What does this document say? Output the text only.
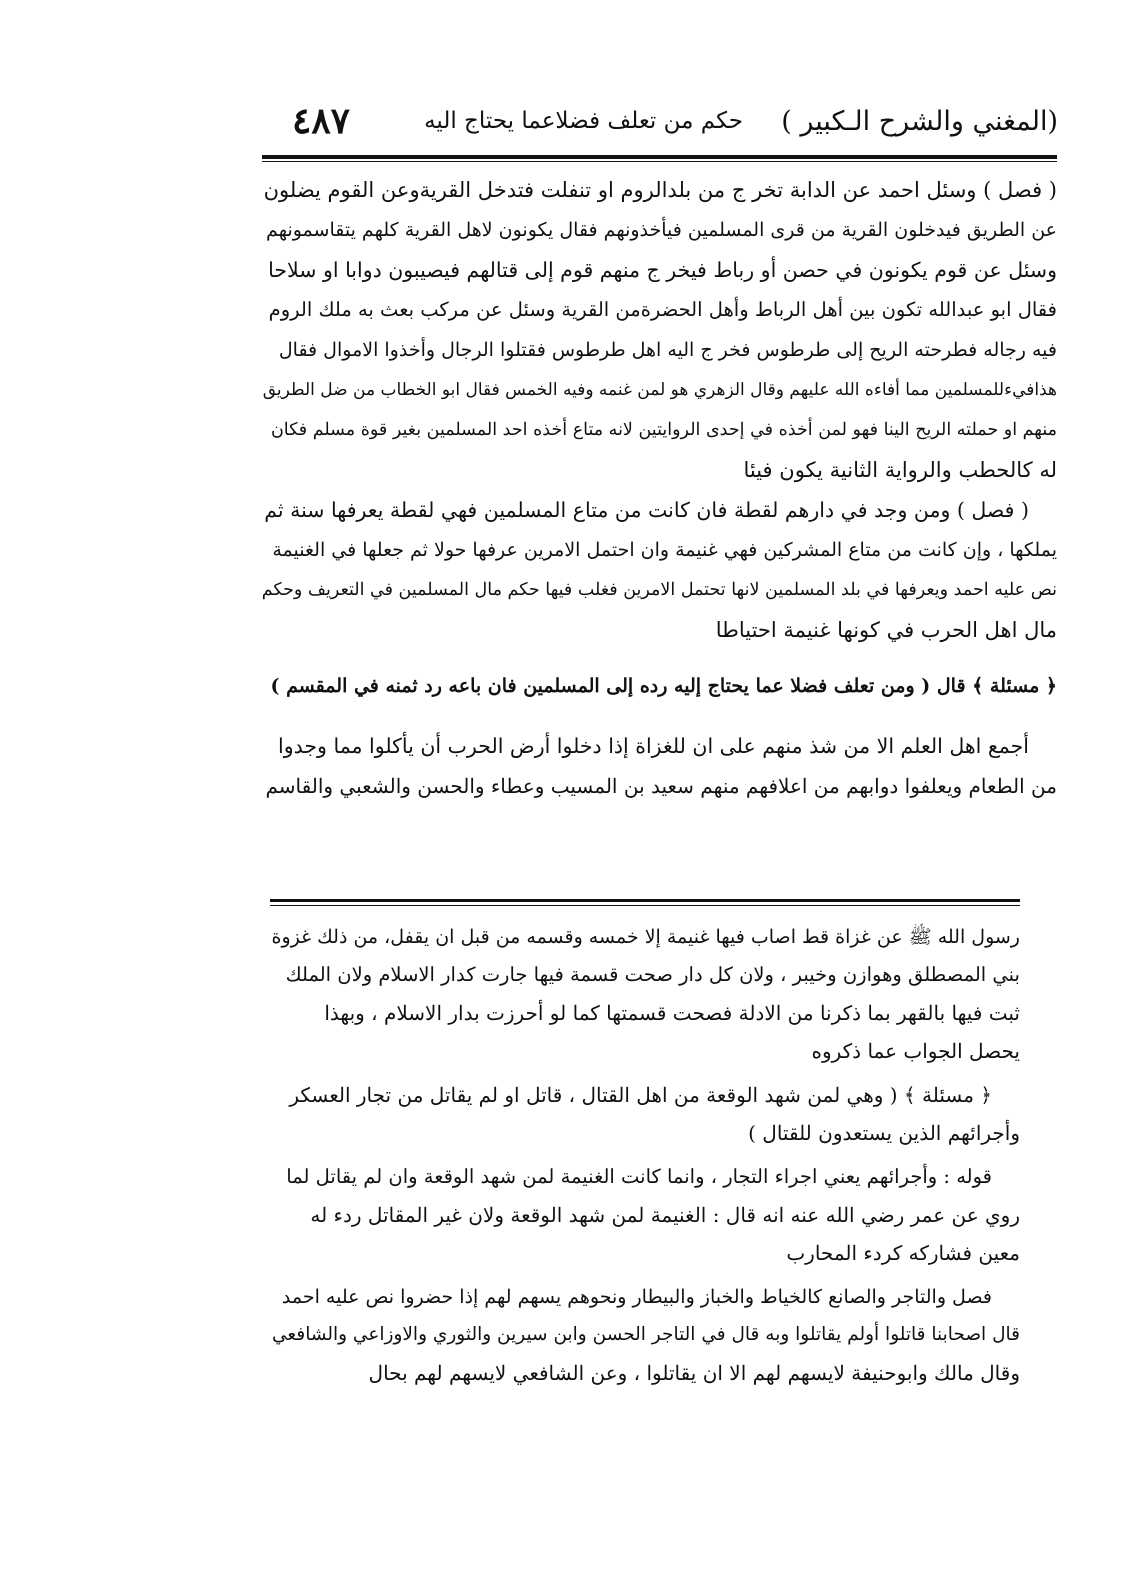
(المغني والشرح الـكبير )
حكم من تعلف فضلاعما يحتاج اليه
٤٨٧
( فصل ) وسئل احمد عن الدابة تخر ج من بلدالروم او تنفلت فتدخل القريةوعن القوم يضلون
عن الطريق فيدخلون القرية من قرى المسلمين فيأخذونهم فقال يكونون لاهل القرية كلهم يتقاسمونهم
وسئل عن قوم يكونون في حصن أو رباط فيخر ج منهم قوم إلى قتالهم فيصيبون دوابا او سلاحا
فقال ابو عبدالله تكون بين أهل الرباط وأهل الحضرةمن القرية وسئل عن مركب بعث به ملك الروم
فيه رجاله فطرحته الريح إلى طرطوس فخر ج اليه اهل طرطوس فقتلوا الرجال وأخذوا الاموال فقال
هذافيءللمسلمين مما أفاءه الله عليهم وقال الزهري هو لمن غنمه وفيه الخمس فقال ابو الخطاب من ضل الطريق
منهم او حملته الريح الينا فهو لمن أخذه في إحدى الروايتين لانه متاع أخذه احد المسلمين بغير قوة مسلم فكان
له كالحطب والرواية الثانية يكون فيئا
( فصل ) ومن وجد في دارهم لقطة فان كانت من متاع المسلمين فهي لقطة يعرفها سنة ثم
يملكها ، وإن كانت من متاع المشركين فهي غنيمة وان احتمل الامرين عرفها حولا ثم جعلها في الغنيمة
نص عليه احمد ويعرفها في بلد المسلمين لانها تحتمل الامرين فغلب فيها حكم مال المسلمين في التعريف وحكم
مال اهل الحرب في كونها غنيمة احتياطا
﴿ مسئلة ﴾ قال ( ومن تعلف فضلا عما يحتاج إليه رده إلى المسلمين فان باعه رد ثمنه في المقسم )
أجمع اهل العلم الا من شذ منهم على ان للغزاة إذا دخلوا أرض الحرب أن يأكلوا مما وجدوا
من الطعام ويعلفوا دوابهم من اعلافهم منهم سعيد بن المسيب وعطاء والحسن والشعبي والقاسم
رسول الله ﷺ عن غزاة قط اصاب فيها غنيمة إلا خمسه وقسمه من قبل ان يقفل، من ذلك غزوة
بني المصطلق وهوازن وخيبر ، ولان كل دار صحت قسمة فيها جارت كدار الاسلام ولان الملك
ثبت فيها بالقهر بما ذكرنا من الادلة فصحت قسمتها كما لو أحرزت بدار الاسلام ، وبهذا
يحصل الجواب عما ذكروه
﴿ مسئلة ﴾ ( وهي لمن شهد الوقعة من اهل القتال ، قاتل او لم يقاتل من تجار العسكر
وأجرائهم الذين يستعدون للقتال )
قوله : وأجرائهم يعني اجراء التجار ، وانما كانت الغنيمة لمن شهد الوقعة وان لم يقاتل لما
روي عن عمر رضي الله عنه انه قال : الغنيمة لمن شهد الوقعة ولان غير المقاتل ردء له
معين فشاركه كردء المحارب
فصل والتاجر والصانع كالخياط والخباز والبيطار ونحوهم يسهم لهم إذا حضروا نص عليه احمد
قال اصحابنا قاتلوا أولم يقاتلوا وبه قال في التاجر الحسن وابن سيرين والثوري والاوزاعي والشافعي
وقال مالك وابوحنيفة لايسهم لهم الا ان يقاتلوا ، وعن الشافعي لايسهم لهم بحال
